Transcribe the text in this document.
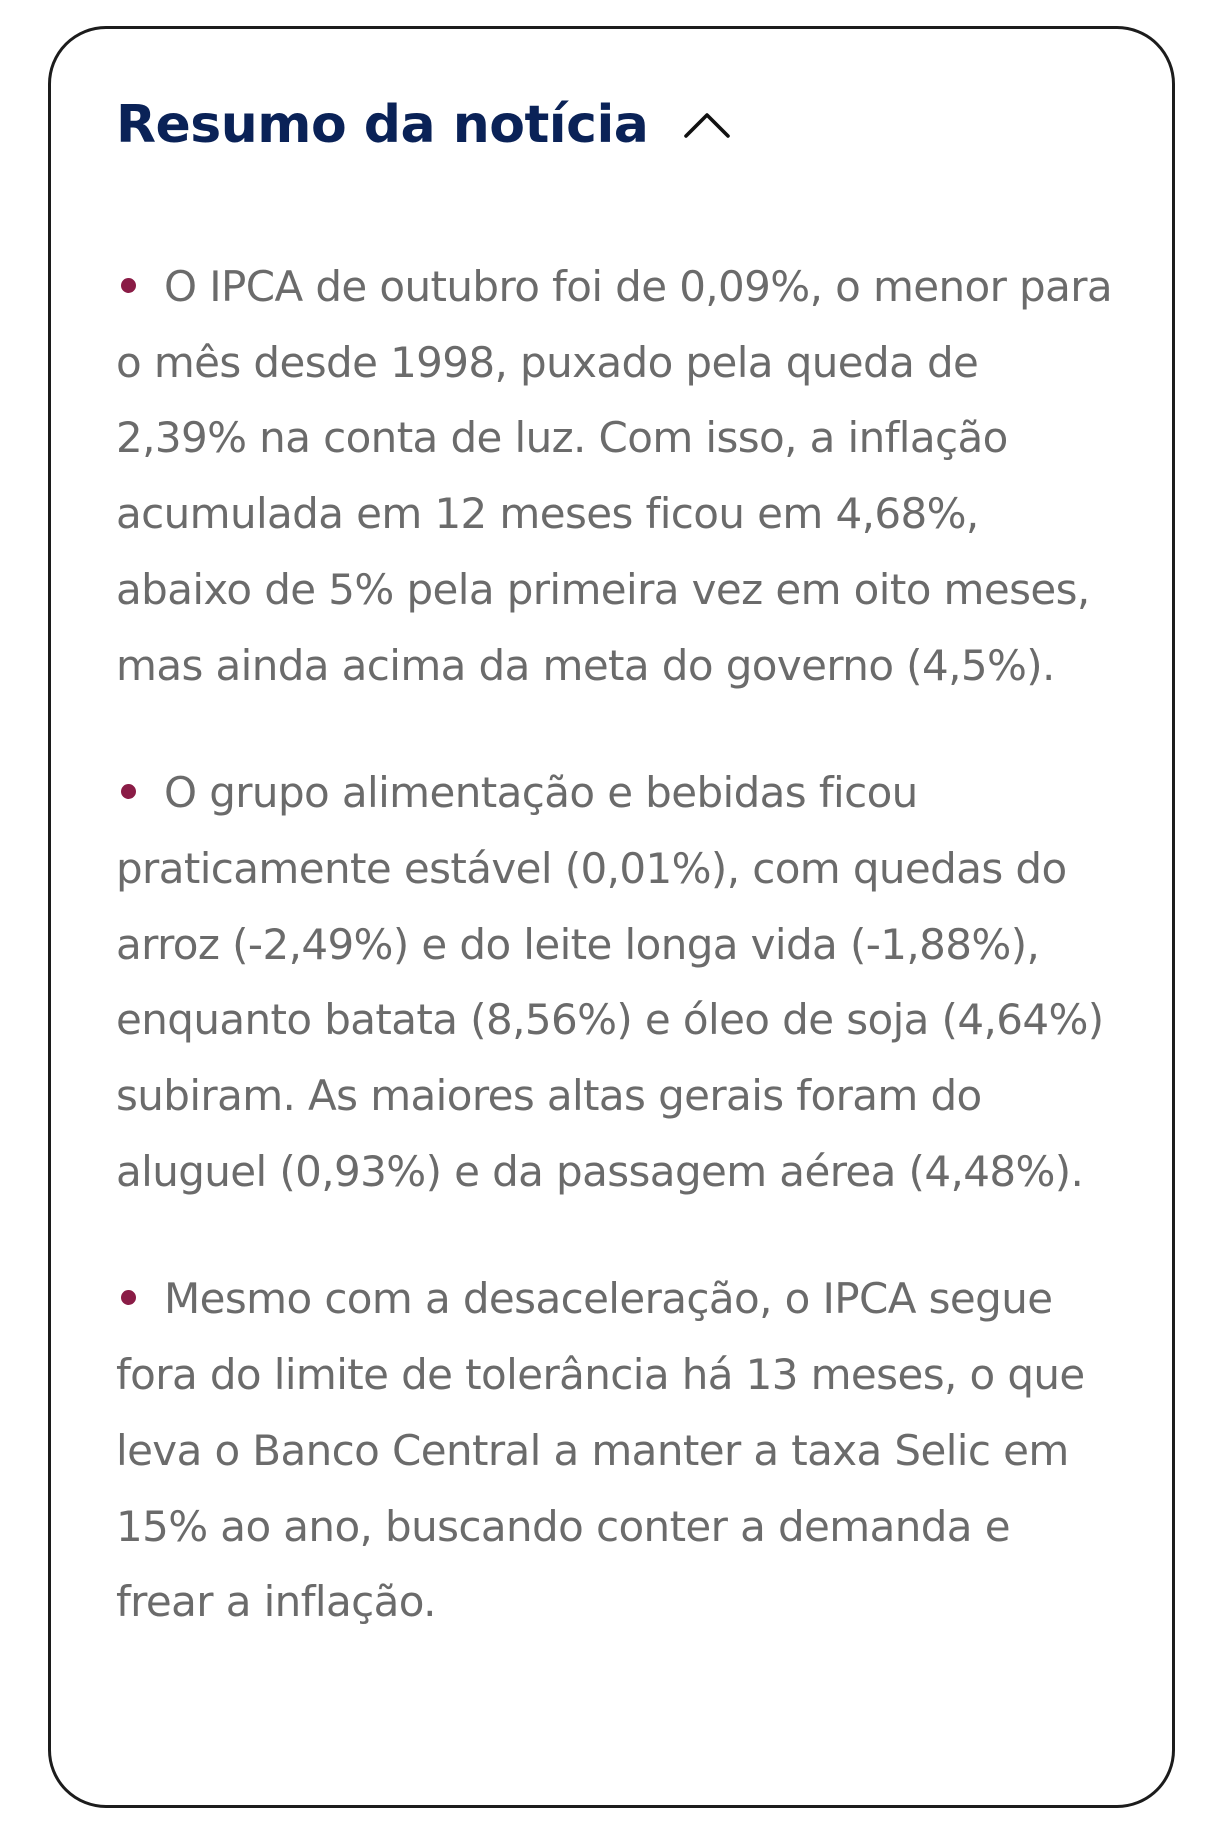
Resumo da notícia
O IPCA de outubro foi de 0,09%, o menor para o mês desde 1998, puxado pela queda de 2,39% na conta de luz. Com isso, a inflação acumulada em 12 meses ficou em 4,68%, abaixo de 5% pela primeira vez em oito meses, mas ainda acima da meta do governo (4,5%).
O grupo alimentação e bebidas ficou praticamente estável (0,01%), com quedas do arroz (-2,49%) e do leite longa vida (-1,88%), enquanto batata (8,56%) e óleo de soja (4,64%) subiram. As maiores altas gerais foram do aluguel (0,93%) e da passagem aérea (4,48%).
Mesmo com a desaceleração, o IPCA segue fora do limite de tolerância há 13 meses, o que leva o Banco Central a manter a taxa Selic em 15% ao ano, buscando conter a demanda e frear a inflação.
